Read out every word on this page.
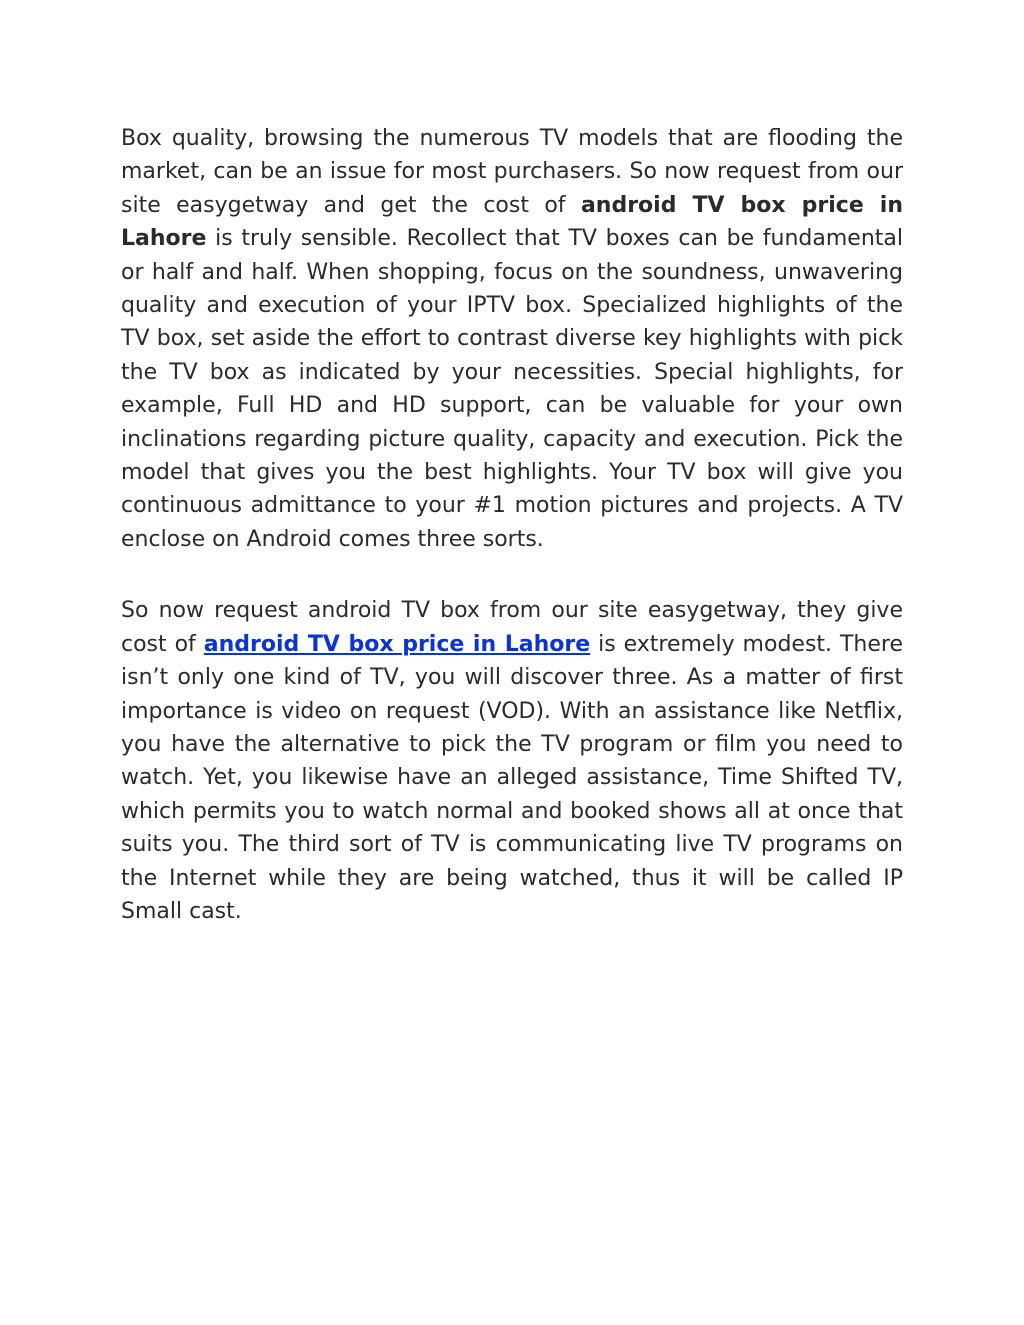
Box quality, browsing the numerous TV models that are flooding the market, can be an issue for most purchasers. So now request from our site easygetway and get the cost of android TV box price in Lahore is truly sensible. Recollect that TV boxes can be fundamental or half and half. When shopping, focus on the soundness, unwavering quality and execution of your IPTV box. Specialized highlights of the TV box, set aside the effort to contrast diverse key highlights with pick the TV box as indicated by your necessities. Special highlights, for example, Full HD and HD support, can be valuable for your own inclinations regarding picture quality, capacity and execution. Pick the model that gives you the best highlights. Your TV box will give you continuous admittance to your #1 motion pictures and projects. A TV enclose on Android comes three sorts.

So now request android TV box from our site easygetway, they give cost of android TV box price in Lahore is extremely modest. There isn’t only one kind of TV, you will discover three. As a matter of first importance is video on request (VOD). With an assistance like Netflix, you have the alternative to pick the TV program or film you need to watch. Yet, you likewise have an alleged assistance, Time Shifted TV, which permits you to watch normal and booked shows all at once that suits you. The third sort of TV is communicating live TV programs on the Internet while they are being watched, thus it will be called IP Small cast.
